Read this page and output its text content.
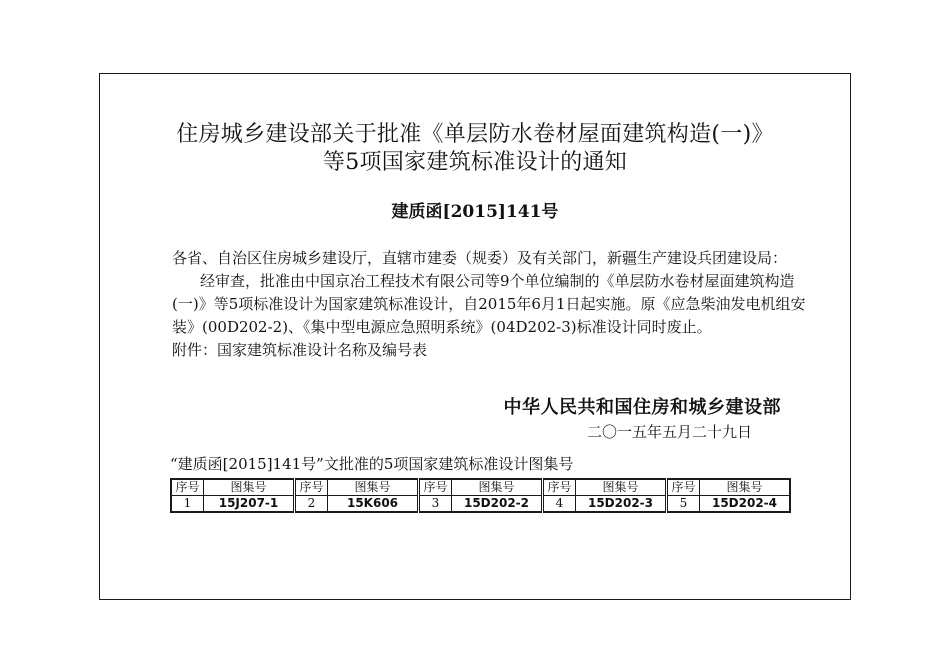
住房城乡建设部关于批准《单层防水卷材屋面建筑构造(一)》
等5项国家建筑标准设计的通知
建质函[2015]141号
各省、自治区住房城乡建设厅，直辖市建委（规委）及有关部门，新疆生产建设兵团建设局：
经审查，批准由中国京冶工程技术有限公司等9个单位编制的《单层防水卷材屋面建筑构造
(一)》等5项标准设计为国家建筑标准设计，自2015年6月1日起实施。原《应急柴油发电机组安
装》(00D202-2)、《集中型电源应急照明系统》(04D202-3)标准设计同时废止。
附件：国家建筑标准设计名称及编号表
中华人民共和国住房和城乡建设部
二〇一五年五月二十九日
“建质函[2015]141号”文批准的5项国家建筑标准设计图集号
序号	图集号	序号	图集号	序号	图集号	序号	图集号	序号	图集号
1	15J207-1	2	15K606	3	15D202-2	4	15D202-3	5	15D202-4
